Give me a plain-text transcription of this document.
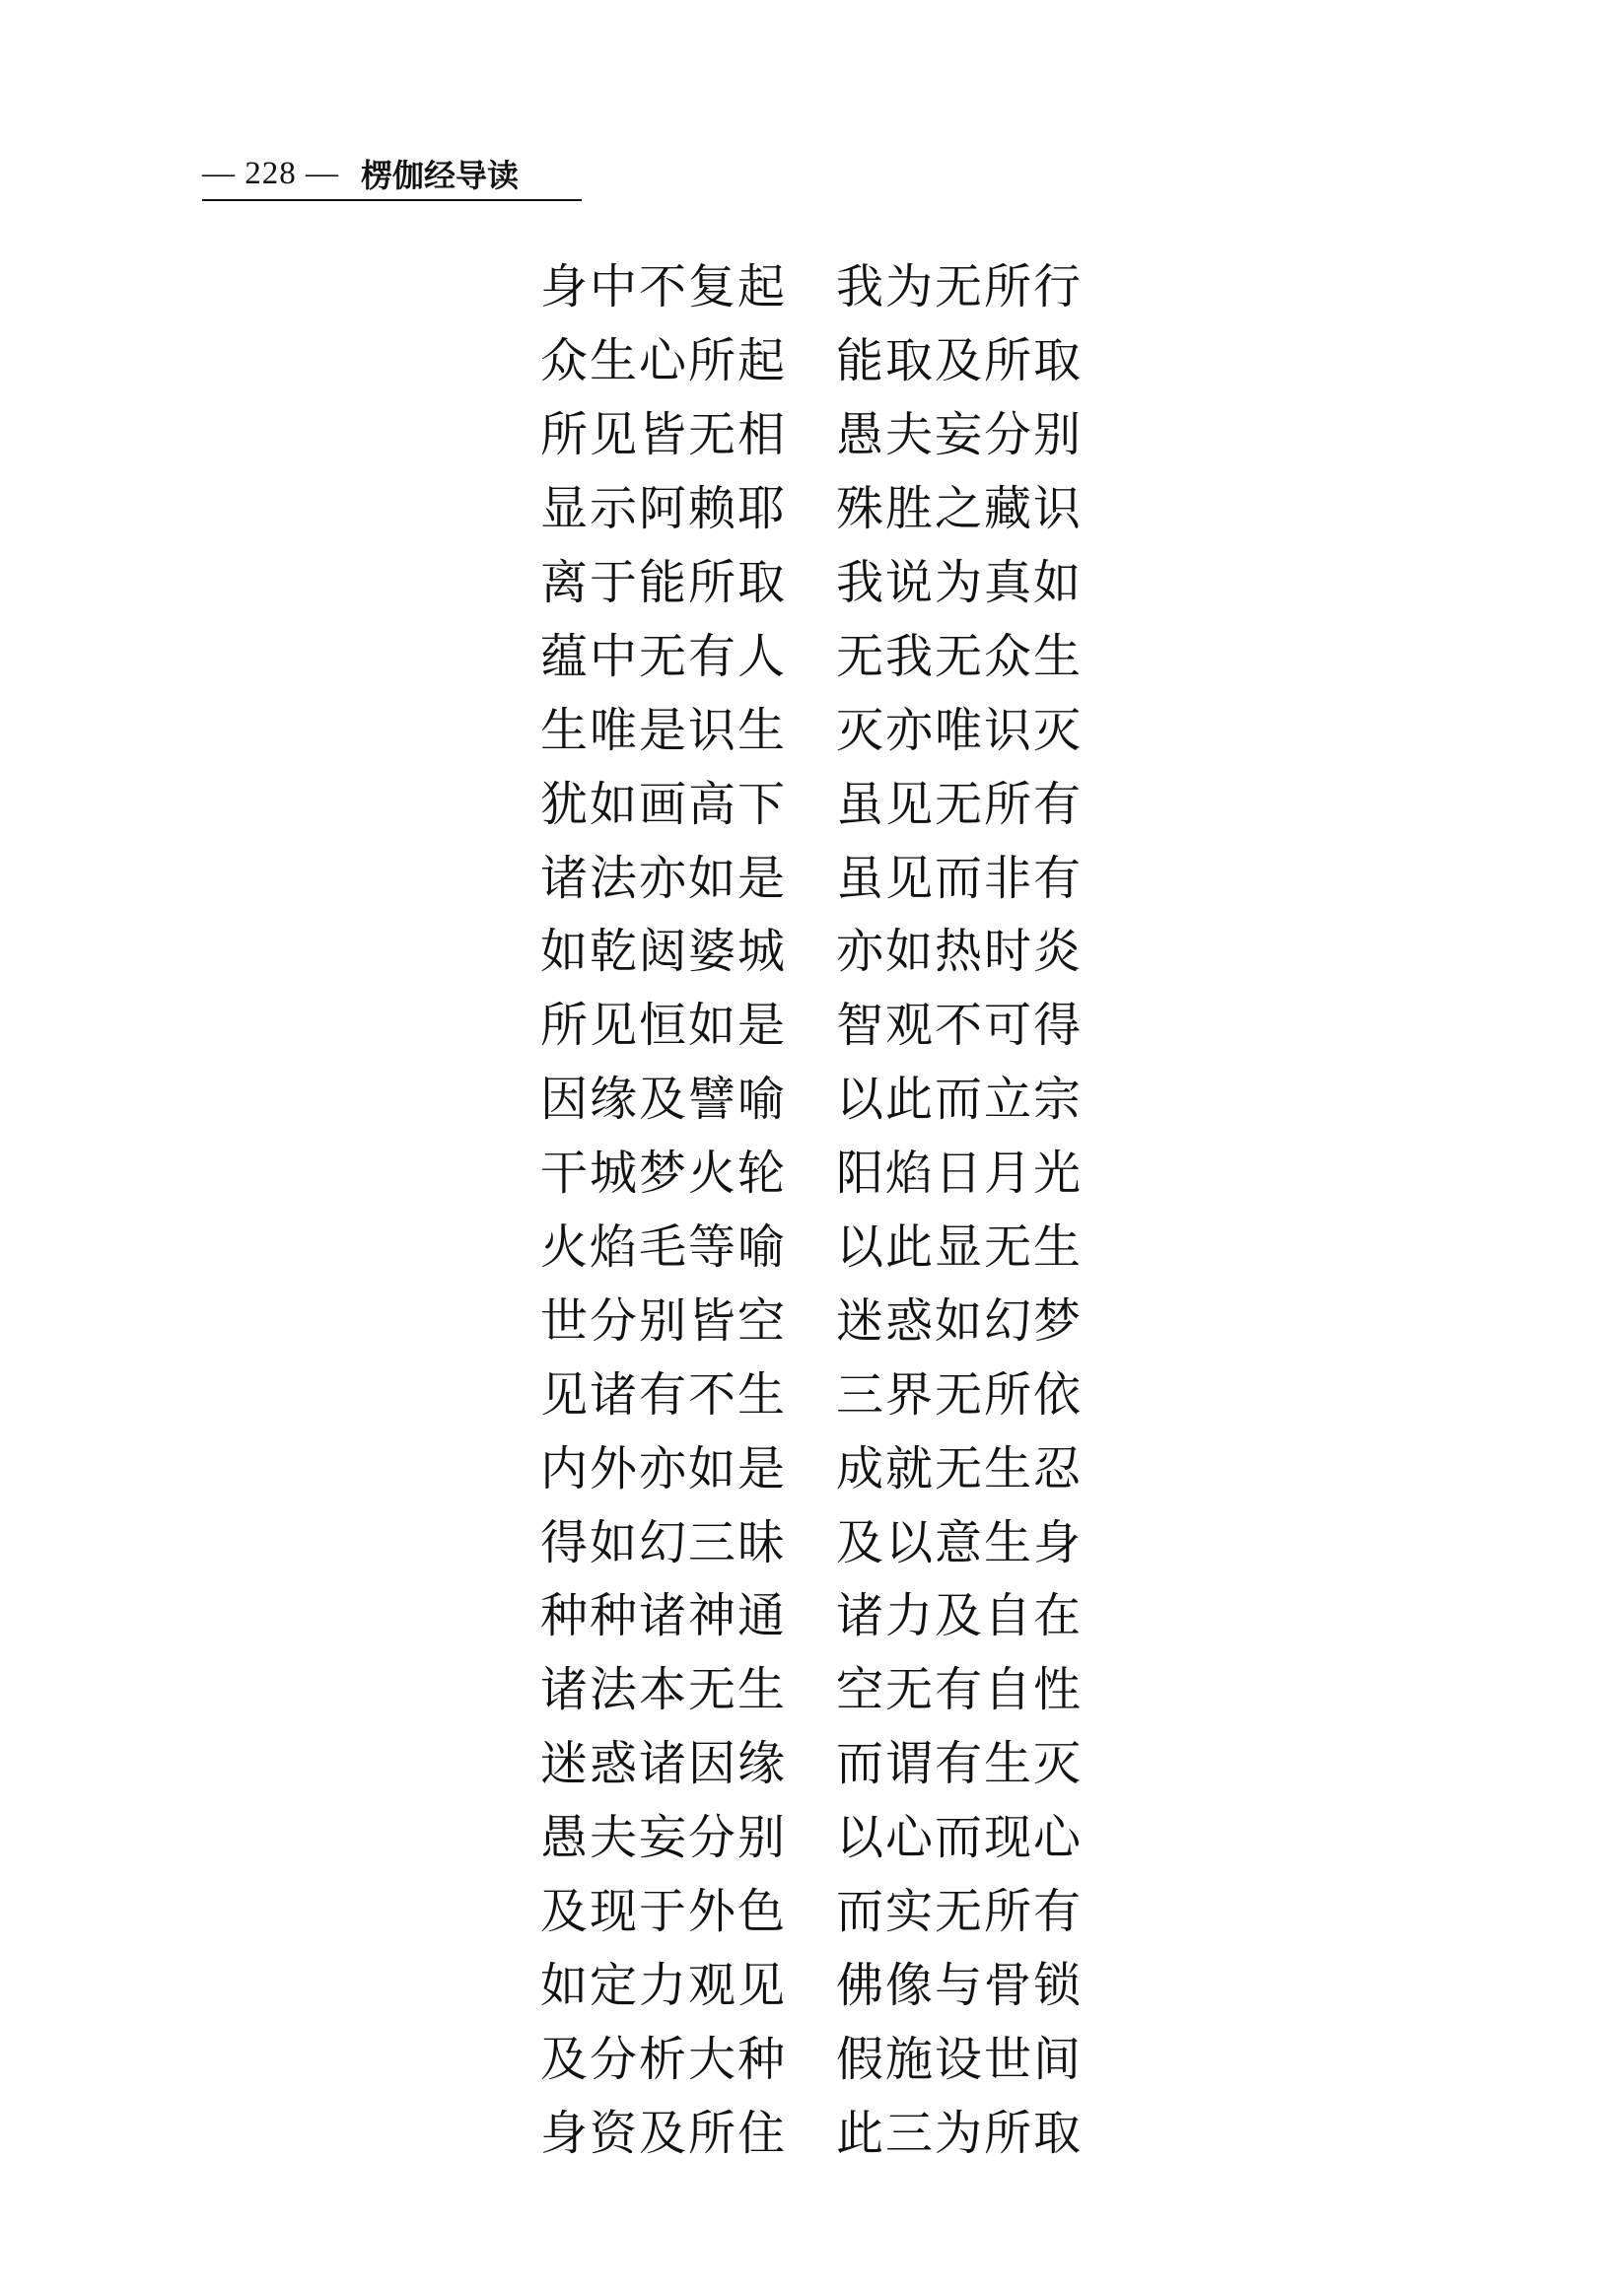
— 228 — 楞伽经导读
身中不复起	我为无所行
众生心所起	能取及所取
所见皆无相	愚夫妄分别
显示阿赖耶	殊胜之藏识
离于能所取	我说为真如
蕴中无有人	无我无众生
生唯是识生	灭亦唯识灭
犹如画高下	虽见无所有
诸法亦如是	虽见而非有
如乾闼婆城	亦如热时炎
所见恒如是	智观不可得
因缘及譬喻	以此而立宗
干城梦火轮	阳焰日月光
火焰毛等喻	以此显无生
世分别皆空	迷惑如幻梦
见诸有不生	三界无所依
内外亦如是	成就无生忍
得如幻三昧	及以意生身
种种诸神通	诸力及自在
诸法本无生	空无有自性
迷惑诸因缘	而谓有生灭
愚夫妄分别	以心而现心
及现于外色	而实无所有
如定力观见	佛像与骨锁
及分析大种	假施设世间
身资及所住	此三为所取
